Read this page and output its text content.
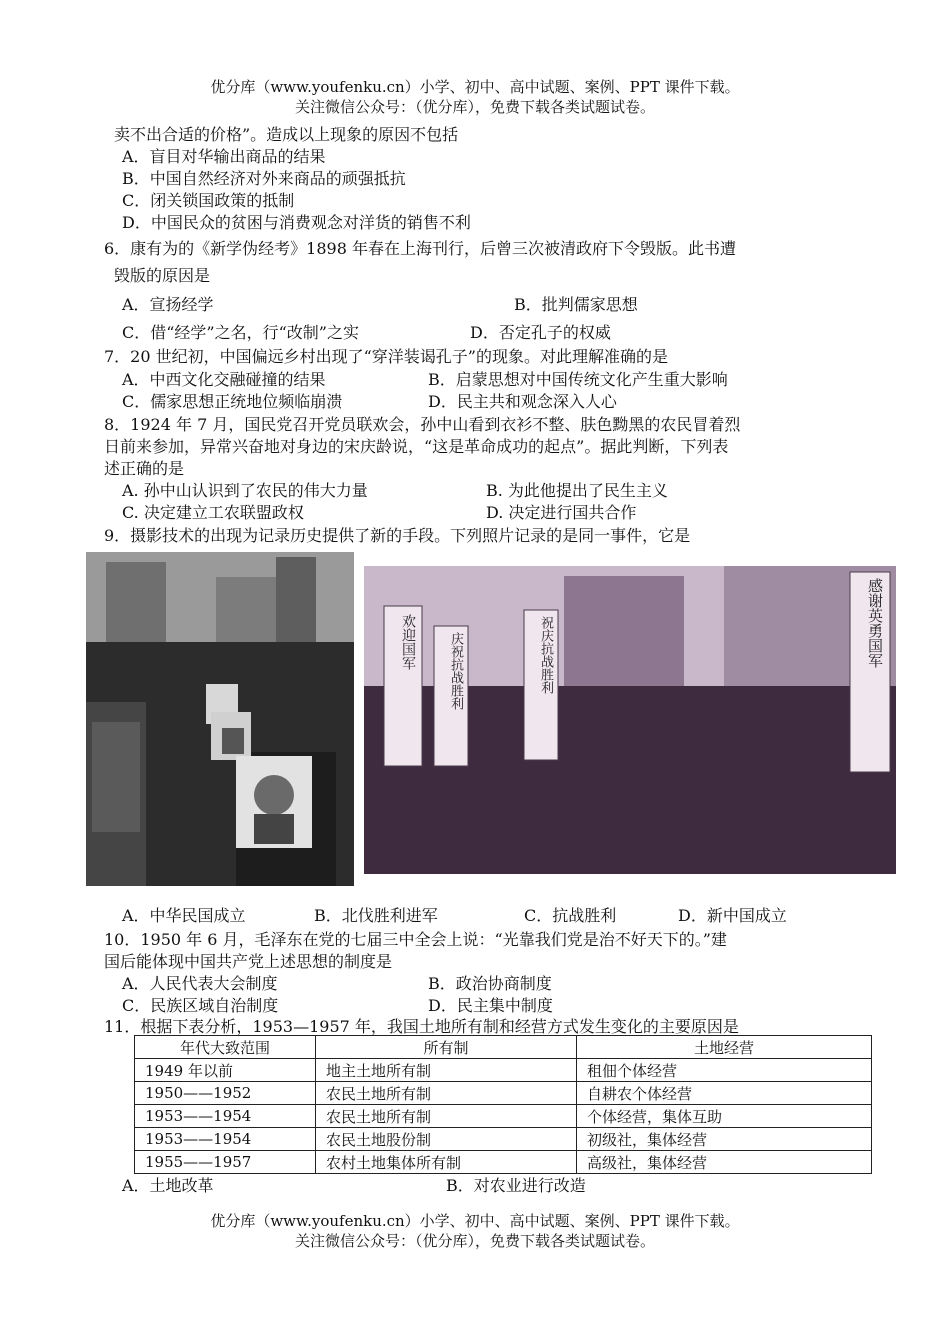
优分库（www.youfenku.cn）小学、初中、高中试题、案例、PPT 课件下载。
关注微信公众号：（优分库），免费下载各类试题试卷。
卖不出合适的价格”。造成以上现象的原因不包括
A．盲目对华输出商品的结果
B．中国自然经济对外来商品的顽强抵抗
C．闭关锁国政策的抵制
D．中国民众的贫困与消费观念对洋货的销售不利
6．康有为的《新学伪经考》1898 年春在上海刊行，后曾三次被清政府下令毁版。此书遭
毁版的原因是
A．宣扬经学	B．批判儒家思想
C．借“经学”之名，行“改制”之实	D．否定孔子的权威
7．20 世纪初，中国偏远乡村出现了“穿洋装谒孔子”的现象。对此理解准确的是
A．中西文化交融碰撞的结果	B．启蒙思想对中国传统文化产生重大影响
C．儒家思想正统地位频临崩溃	D．民主共和观念深入人心
8．1924 年 7 月，国民党召开党员联欢会，孙中山看到衣衫不整、肤色黝黑的农民冒着烈
日前来参加，异常兴奋地对身边的宋庆龄说，“这是革命成功的起点”。据此判断，下列表
述正确的是
A. 孙中山认识到了农民的伟大力量	B. 为此他提出了民生主义
C. 决定建立工农联盟政权	D. 决定进行国共合作
9．摄影技术的出现为记录历史提供了新的手段。下列照片记录的是同一事件，它是
欢迎国军	庆祝抗战胜利	祝庆抗战胜利	感谢英勇国军
A．中华民国成立	B．北伐胜利进军	C．抗战胜利	D．新中国成立
10．1950 年 6 月，毛泽东在党的七届三中全会上说：“光靠我们党是治不好天下的。”建
国后能体现中国共产党上述思想的制度是
A．人民代表大会制度	B．政治协商制度
C．民族区域自治制度	D．民主集中制度
11．根据下表分析，1953—1957 年，我国土地所有制和经营方式发生变化的主要原因是
年代大致范围	所有制	土地经营
1949 年以前	地主土地所有制	租佃个体经营
1950——1952	农民土地所有制	自耕农个体经营
1953——1954	农民土地所有制	个体经营，集体互助
1953——1954	农民土地股份制	初级社，集体经营
1955——1957	农村土地集体所有制	高级社，集体经营
A．土地改革	B．对农业进行改造
优分库（www.youfenku.cn）小学、初中、高中试题、案例、PPT 课件下载。
关注微信公众号：（优分库），免费下载各类试题试卷。
